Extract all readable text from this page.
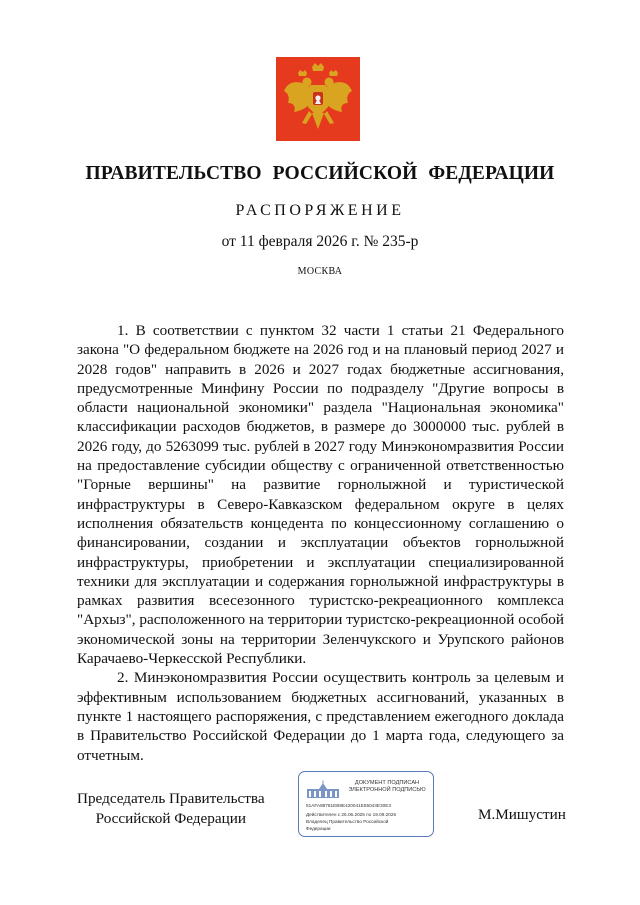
ПРАВИТЕЛЬСТВО РОССИЙСКОЙ ФЕДЕРАЦИИ

РАСПОРЯЖЕНИЕ

от 11 февраля 2026 г. № 235-р

МОСКВА

1. В соответствии с пунктом 32 части 1 статьи 21 Федерального закона "О федеральном бюджете на 2026 год и на плановый период 2027 и 2028 годов" направить в 2026 и 2027 годах бюджетные ассигнования, предусмотренные Минфину России по подразделу "Другие вопросы в области национальной экономики" раздела "Национальная экономика" классификации расходов бюджетов, в размере до 3000000 тыс. рублей в 2026 году, до 5263099 тыс. рублей в 2027 году Минэкономразвития России на предоставление субсидии обществу с ограниченной ответственностью "Горные вершины" на развитие горнолыжной и туристической инфраструктуры в Северо-Кавказском федеральном округе в целях исполнения обязательств концедента по концессионному соглашению о финансировании, создании и эксплуатации объектов горнолыжной инфраструктуры, приобретении и эксплуатации специализированной техники для эксплуатации и содержания горнолыжной инфраструктуры в рамках развития всесезонного туристско-рекреационного комплекса "Архыз", расположенного на территории туристско-рекреационной особой экономической зоны на территории Зеленчукского и Урупского районов Карачаево-Черкесской Республики.

2. Минэкономразвития России осуществить контроль за целевым и эффективным использованием бюджетных ассигнований, указанных в пункте 1 настоящего распоряжения, с представлением ежегодного доклада в Правительство Российской Федерации до 1 марта года, следующего за отчетным.

Председатель Правительства
Российской Федерации
ДОКУМЕНТ ПОДПИСАН
ЭЛЕКТРОННОЙ ПОДПИСЬЮ
51AFA88781EB9E420041E55043E30E3
Действителен с 26.06.2025 по 19.09.2026
Владелец Правительство Российской
Федерации
М.Мишустин
